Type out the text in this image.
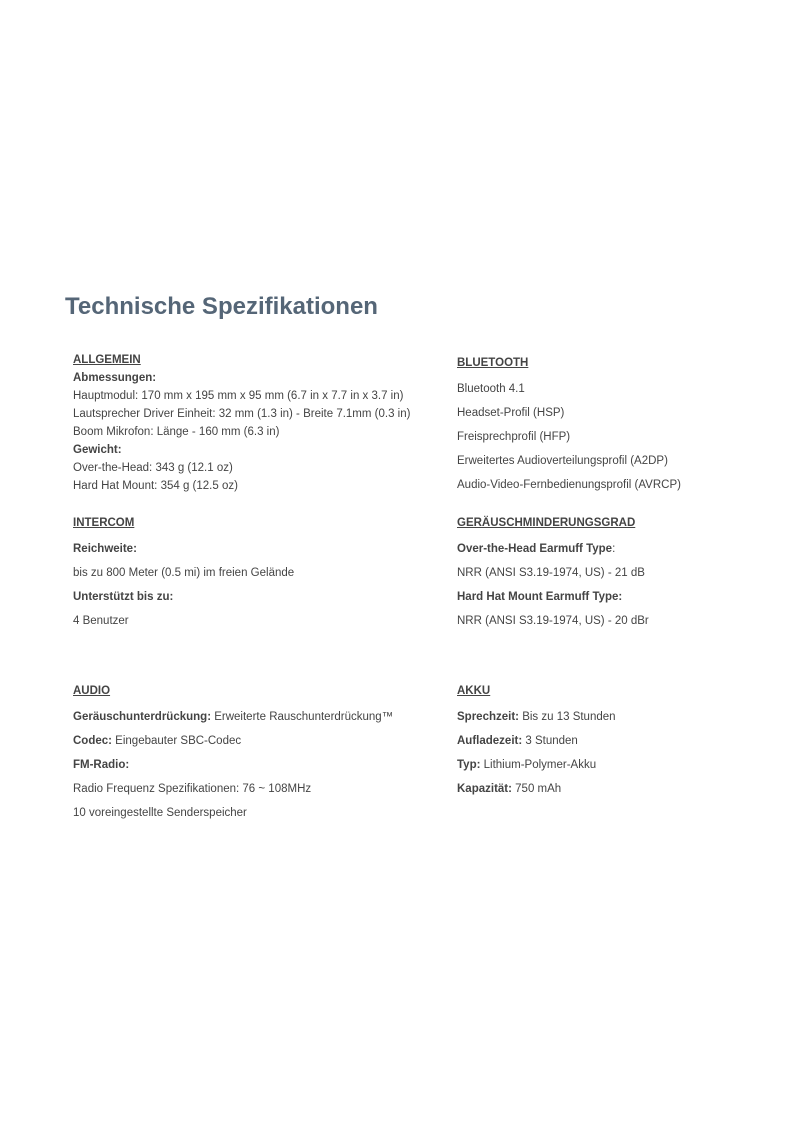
Technische Spezifikationen

ALLGEMEIN

Abmessungen:

Hauptmodul: 170 mm x 195 mm x 95 mm (6.7 in x 7.7 in x 3.7 in)

Lautsprecher Driver Einheit: 32 mm (1.3 in) - Breite 7.1mm (0.3 in)

Boom Mikrofon: Länge - 160 mm (6.3 in)

Gewicht:

Over-the-Head: 343 g (12.1 oz)

Hard Hat Mount: 354 g (12.5 oz)

BLUETOOTH

Bluetooth 4.1

Headset-Profil (HSP)

Freisprechprofil (HFP)

Erweitertes Audioverteilungsprofil (A2DP)

Audio-Video-Fernbedienungsprofil (AVRCP)

INTERCOM

Reichweite:

bis zu 800 Meter (0.5 mi) im freien Gelände

Unterstützt bis zu:

4 Benutzer

GERÄUSCHMINDERUNGSGRAD

Over-the-Head Earmuff Type:

NRR (ANSI S3.19-1974, US) - 21 dB

Hard Hat Mount Earmuff Type:

NRR (ANSI S3.19-1974, US) - 20 dBr

AUDIO

Geräuschunterdrückung: Erweiterte Rauschunterdrückung™

Codec: Eingebauter SBC-Codec

FM-Radio:

Radio Frequenz Spezifikationen: 76 ~ 108MHz

10 voreingestellte Senderspeicher

AKKU

Sprechzeit: Bis zu 13 Stunden

Aufladezeit: 3 Stunden

Typ: Lithium-Polymer-Akku

Kapazität: 750 mAh
